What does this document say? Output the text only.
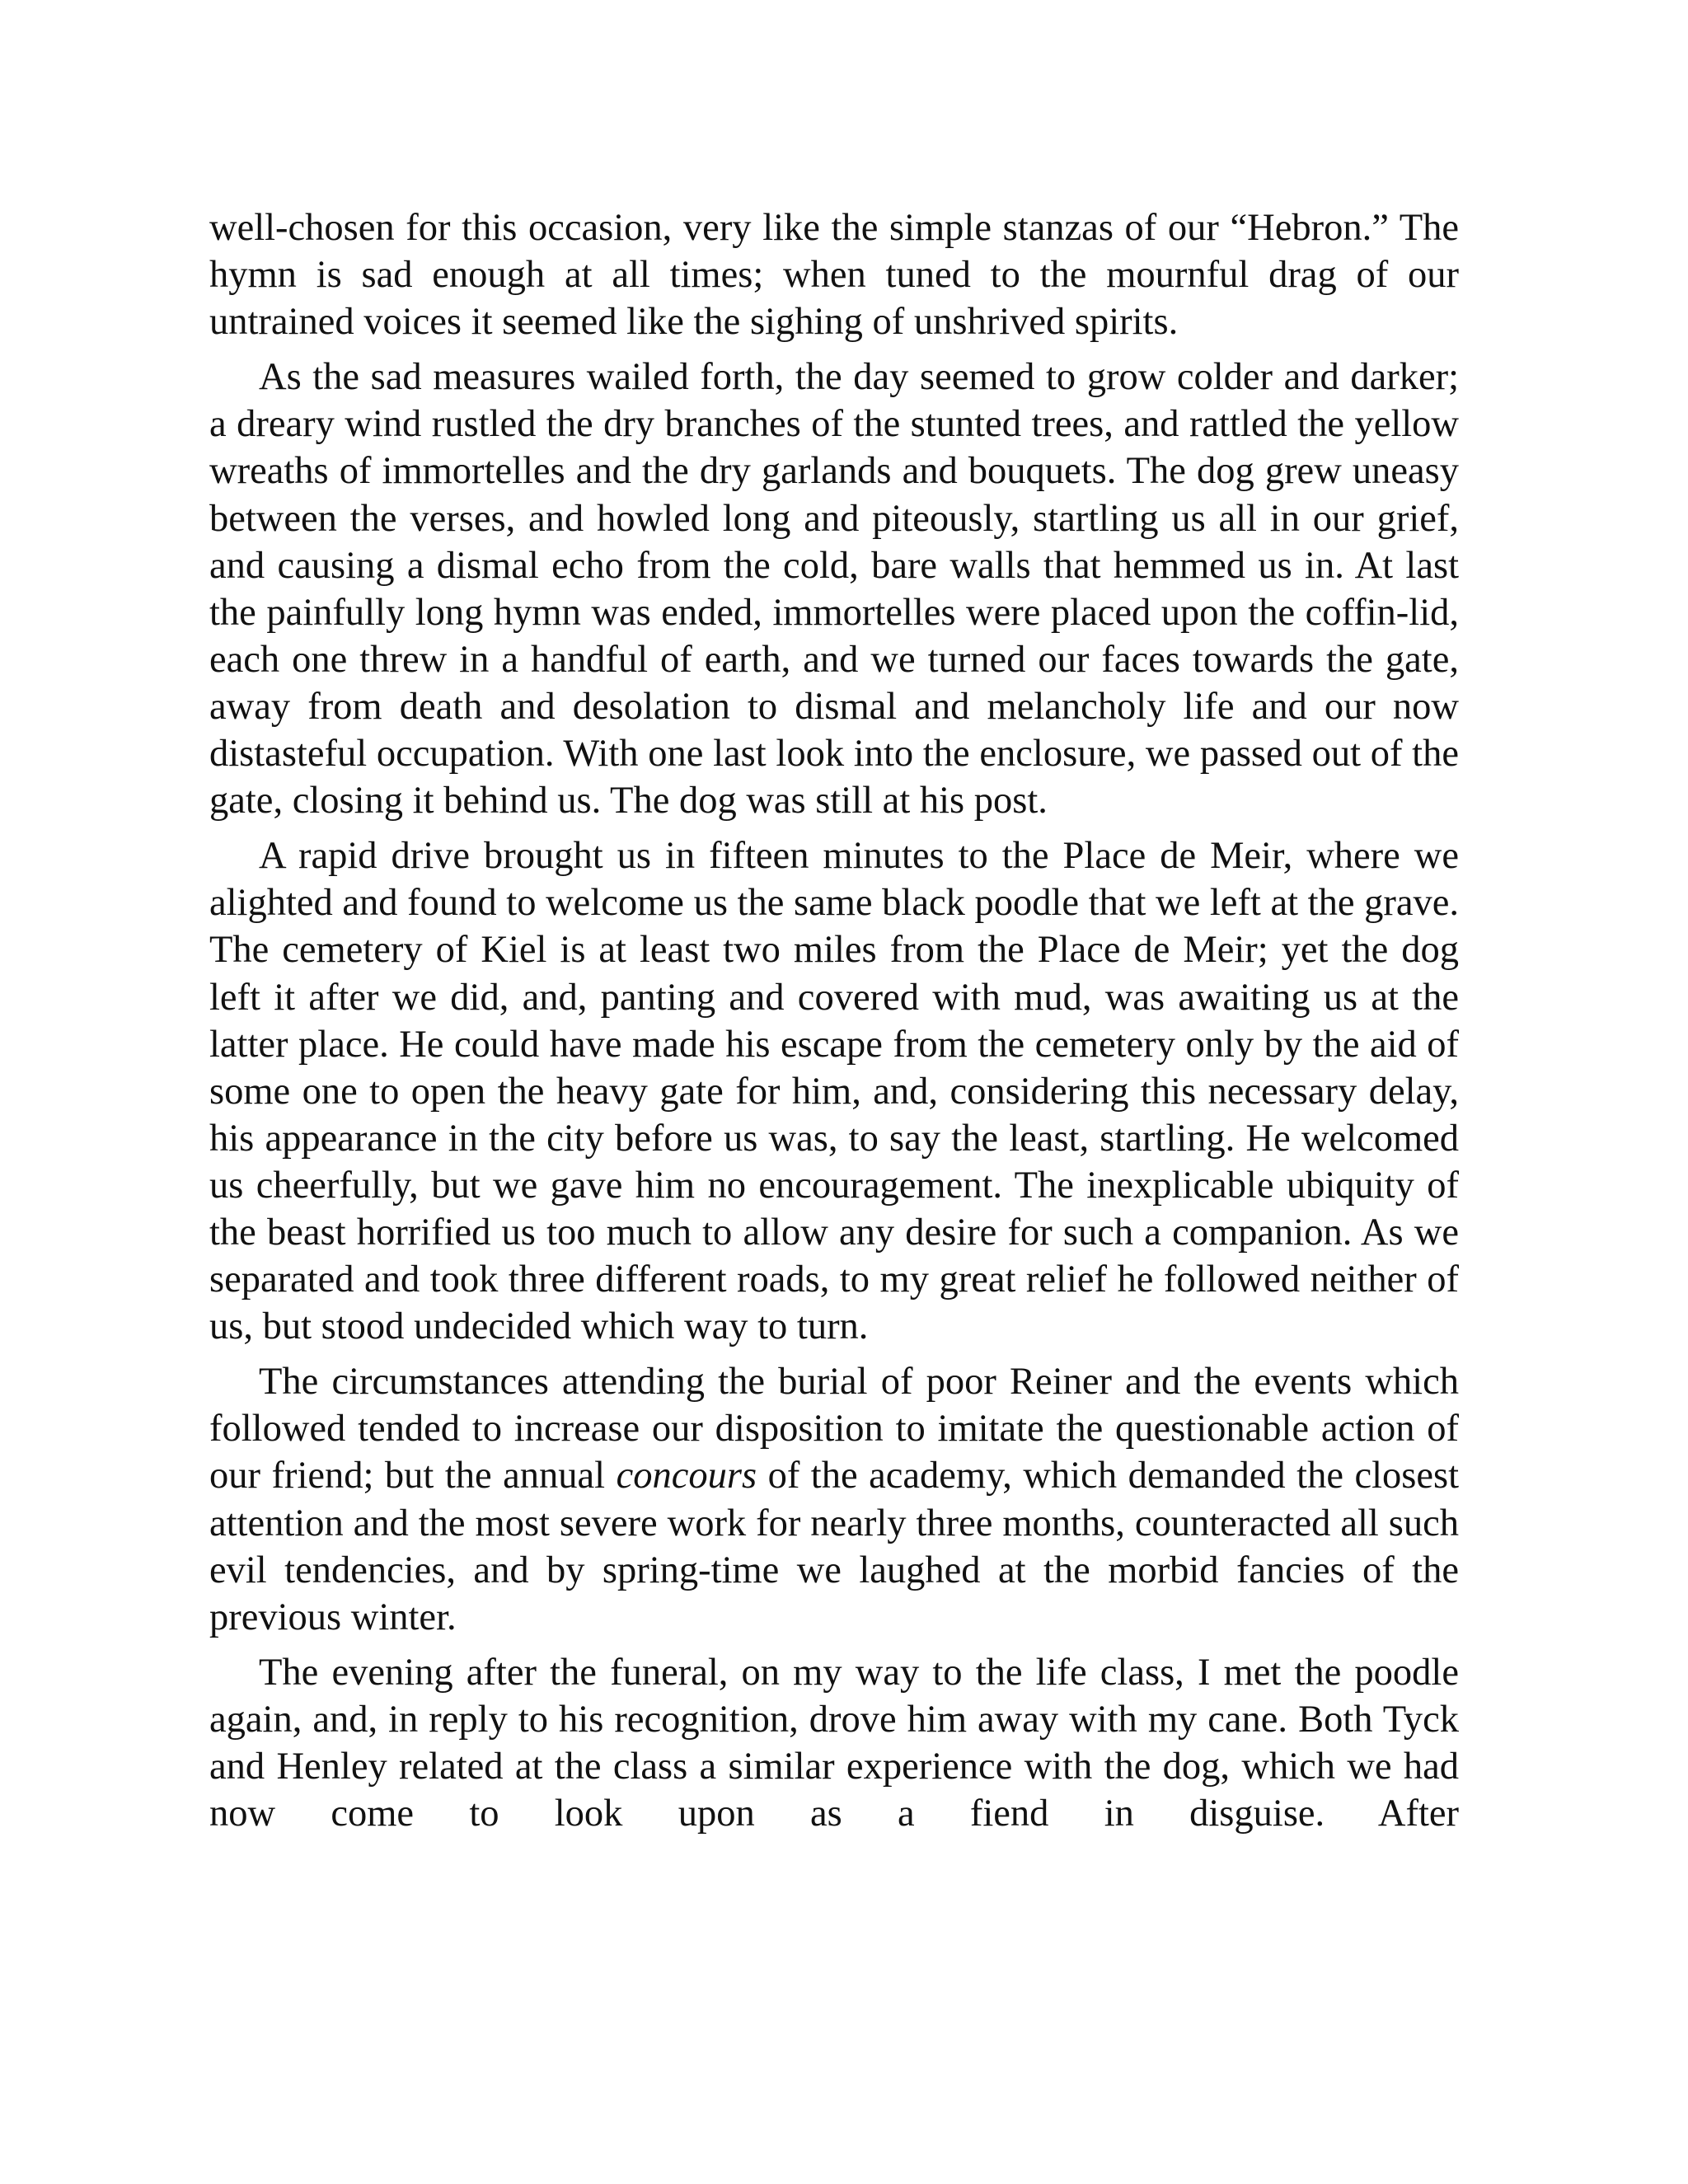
well-chosen for this occasion, very like the simple stanzas of our “Hebron.” The hymn is sad enough at all times; when tuned to the mournful drag of our untrained voices it seemed like the sighing of unshrived spirits.

As the sad measures wailed forth, the day seemed to grow colder and darker; a dreary wind rustled the dry branches of the stunted trees, and rattled the yellow wreaths of immortelles and the dry garlands and bouquets. The dog grew uneasy between the verses, and howled long and piteously, startling us all in our grief, and causing a dismal echo from the cold, bare walls that hemmed us in. At last the painfully long hymn was ended, immortelles were placed upon the coffin-lid, each one threw in a handful of earth, and we turned our faces towards the gate, away from death and desolation to dismal and melancholy life and our now distasteful occupation. With one last look into the enclosure, we passed out of the gate, closing it behind us. The dog was still at his post.

A rapid drive brought us in fifteen minutes to the Place de Meir, where we alighted and found to welcome us the same black poodle that we left at the grave. The cemetery of Kiel is at least two miles from the Place de Meir; yet the dog left it after we did, and, panting and covered with mud, was awaiting us at the latter place. He could have made his escape from the cemetery only by the aid of some one to open the heavy gate for him, and, considering this necessary delay, his appearance in the city before us was, to say the least, startling. He welcomed us cheerfully, but we gave him no encouragement. The inexplicable ubiquity of the beast horrified us too much to allow any desire for such a companion. As we separated and took three different roads, to my great relief he followed neither of us, but stood undecided which way to turn.

The circumstances attending the burial of poor Reiner and the events which followed tended to increase our disposition to imitate the questionable action of our friend; but the annual concours of the academy, which demanded the closest attention and the most severe work for nearly three months, counteracted all such evil tendencies, and by spring-time we laughed at the morbid fancies of the previous winter.

The evening after the funeral, on my way to the life class, I met the poodle again, and, in reply to his recognition, drove him away with my cane. Both Tyck and Henley related at the class a similar experience with the dog, which we had now come to look upon as a fiend in disguise. After
